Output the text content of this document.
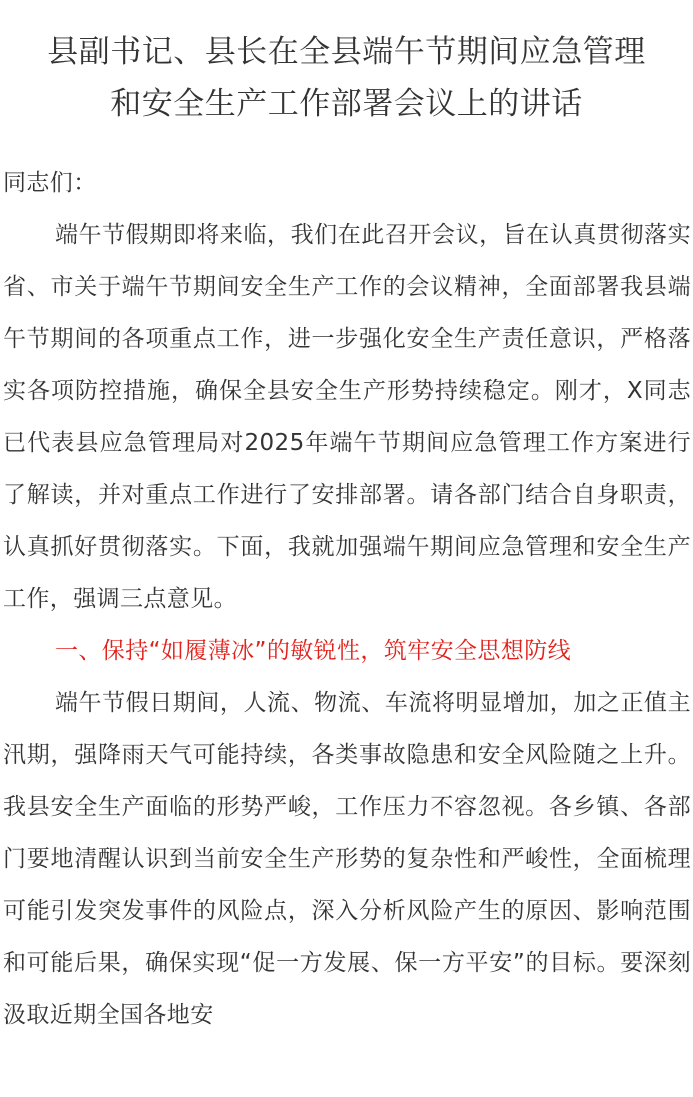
县副书记、县长在全县端午节期间应急管理
和安全生产工作部署会议上的讲话

同志们：

端午节假期即将来临，我们在此召开会议，旨在认真贯彻落实省、市关于端午节期间安全生产工作的会议精神，全面部署我县端午节期间的各项重点工作，进一步强化安全生产责任意识，严格落实各项防控措施，确保全县安全生产形势持续稳定。刚才，X同志已代表县应急管理局对2025年端午节期间应急管理工作方案进行了解读，并对重点工作进行了安排部署。请各部门结合自身职责，认真抓好贯彻落实。下面，我就加强端午期间应急管理和安全生产工作，强调三点意见。

一、保持“如履薄冰”的敏锐性，筑牢安全思想防线

端午节假日期间，人流、物流、车流将明显增加，加之正值主汛期，强降雨天气可能持续，各类事故隐患和安全风险随之上升。我县安全生产面临的形势严峻，工作压力不容忽视。各乡镇、各部门要地清醒认识到当前安全生产形势的复杂性和严峻性，全面梳理可能引发突发事件的风险点，深入分析风险产生的原因、影响范围和可能后果，确保实现“促一方发展、保一方平安”的目标。要深刻汲取近期全国各地安
